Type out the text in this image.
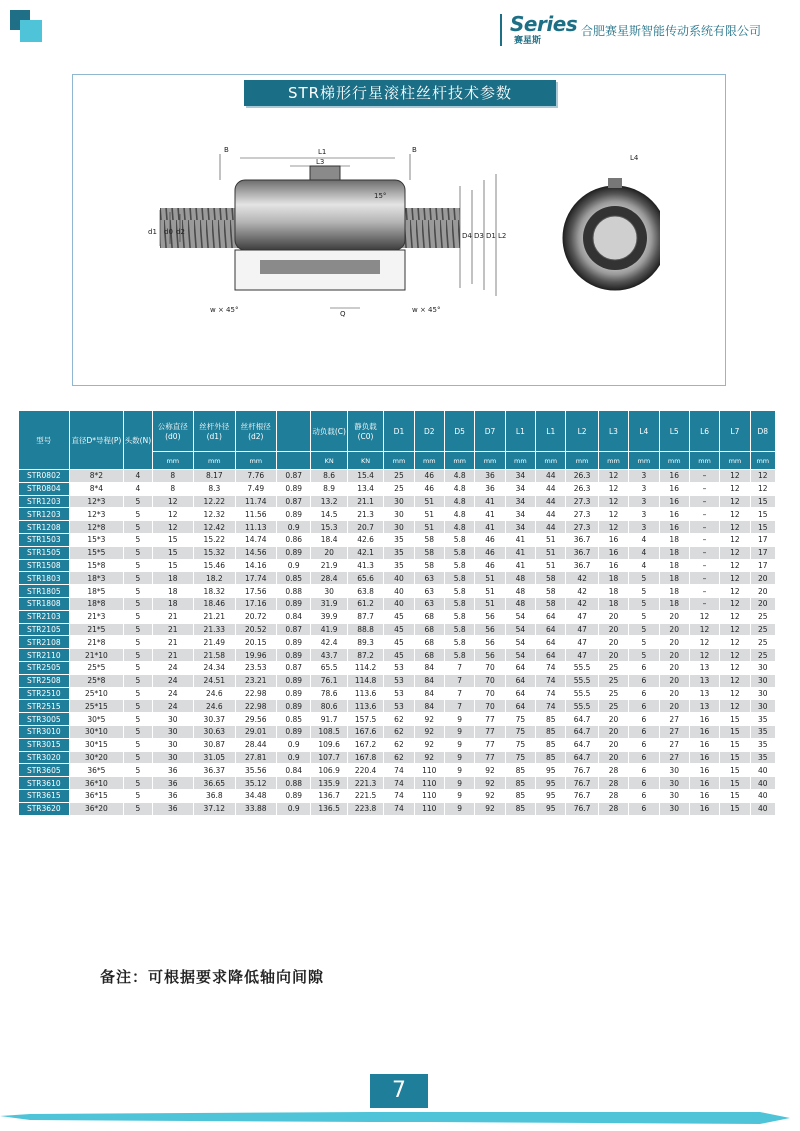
Series
赛星斯
合肥赛星斯智能传动系统有限公司
STR梯形行星滚柱丝杆技术参数
B	L1
L3
B
15°
d1 d0 d2	D4 D3 D1 L2
w × 45°	Q	w × 45°
L4
型号	直径D*导程(P)	头数(N)	公称直径(d0)	丝杆外径(d1)	丝杆根径(d2)		动负载(C)	静负载(C0)	D1	D2	D5	D7	L1	L1	L2	L3	L4	L5	L6	L7	D8
			mm	mm	mm		KN	KN	mm	mm	mm	mm	mm	mm	mm	mm	mm	mm	mm	mm	mm
STR0802	8*2	4	8	8.17	7.76	0.87	8.6	15.4	25	46	4.8	36	34	44	26.3	12	3	16	–	12	12
STR0804	8*4	4	8	8.3	7.49	0.89	8.9	13.4	25	46	4.8	36	34	44	26.3	12	3	16	–	12	12
STR1203	12*3	5	12	12.22	11.74	0.87	13.2	21.1	30	51	4.8	41	34	44	27.3	12	3	16	–	12	15
STR1203	12*3	5	12	12.32	11.56	0.89	14.5	21.3	30	51	4.8	41	34	44	27.3	12	3	16	–	12	15
STR1208	12*8	5	12	12.42	11.13	0.9	15.3	20.7	30	51	4.8	41	34	44	27.3	12	3	16	–	12	15
STR1503	15*3	5	15	15.22	14.74	0.86	18.4	42.6	35	58	5.8	46	41	51	36.7	16	4	18	–	12	17
STR1505	15*5	5	15	15.32	14.56	0.89	20	42.1	35	58	5.8	46	41	51	36.7	16	4	18	–	12	17
STR1508	15*8	5	15	15.46	14.16	0.9	21.9	41.3	35	58	5.8	46	41	51	36.7	16	4	18	–	12	17
STR1803	18*3	5	18	18.2	17.74	0.85	28.4	65.6	40	63	5.8	51	48	58	42	18	5	18	–	12	20
STR1805	18*5	5	18	18.32	17.56	0.88	30	63.8	40	63	5.8	51	48	58	42	18	5	18	–	12	20
STR1808	18*8	5	18	18.46	17.16	0.89	31.9	61.2	40	63	5.8	51	48	58	42	18	5	18	–	12	20
STR2103	21*3	5	21	21.21	20.72	0.84	39.9	87.7	45	68	5.8	56	54	64	47	20	5	20	12	12	25
STR2105	21*5	5	21	21.33	20.52	0.87	41.9	88.8	45	68	5.8	56	54	64	47	20	5	20	12	12	25
STR2108	21*8	5	21	21.49	20.15	0.89	42.4	89.3	45	68	5.8	56	54	64	47	20	5	20	12	12	25
STR2110	21*10	5	21	21.58	19.96	0.89	43.7	87.2	45	68	5.8	56	54	64	47	20	5	20	12	12	25
STR2505	25*5	5	24	24.34	23.53	0.87	65.5	114.2	53	84	7	70	64	74	55.5	25	6	20	13	12	30
STR2508	25*8	5	24	24.51	23.21	0.89	76.1	114.8	53	84	7	70	64	74	55.5	25	6	20	13	12	30
STR2510	25*10	5	24	24.6	22.98	0.89	78.6	113.6	53	84	7	70	64	74	55.5	25	6	20	13	12	30
STR2515	25*15	5	24	24.6	22.98	0.89	80.6	113.6	53	84	7	70	64	74	55.5	25	6	20	13	12	30
STR3005	30*5	5	30	30.37	29.56	0.85	91.7	157.5	62	92	9	77	75	85	64.7	20	6	27	16	15	35
STR3010	30*10	5	30	30.63	29.01	0.89	108.5	167.6	62	92	9	77	75	85	64.7	20	6	27	16	15	35
STR3015	30*15	5	30	30.87	28.44	0.9	109.6	167.2	62	92	9	77	75	85	64.7	20	6	27	16	15	35
STR3020	30*20	5	30	31.05	27.81	0.9	107.7	167.8	62	92	9	77	75	85	64.7	20	6	27	16	15	35
STR3605	36*5	5	36	36.37	35.56	0.84	106.9	220.4	74	110	9	92	85	95	76.7	28	6	30	16	15	40
STR3610	36*10	5	36	36.65	35.12	0.88	135.9	221.3	74	110	9	92	85	95	76.7	28	6	30	16	15	40
STR3615	36*15	5	36	36.8	34.48	0.89	136.7	221.5	74	110	9	92	85	95	76.7	28	6	30	16	15	40
STR3620	36*20	5	36	37.12	33.88	0.9	136.5	223.8	74	110	9	92	85	95	76.7	28	6	30	16	15	40
备注：可根据要求降低轴向间隙
7
